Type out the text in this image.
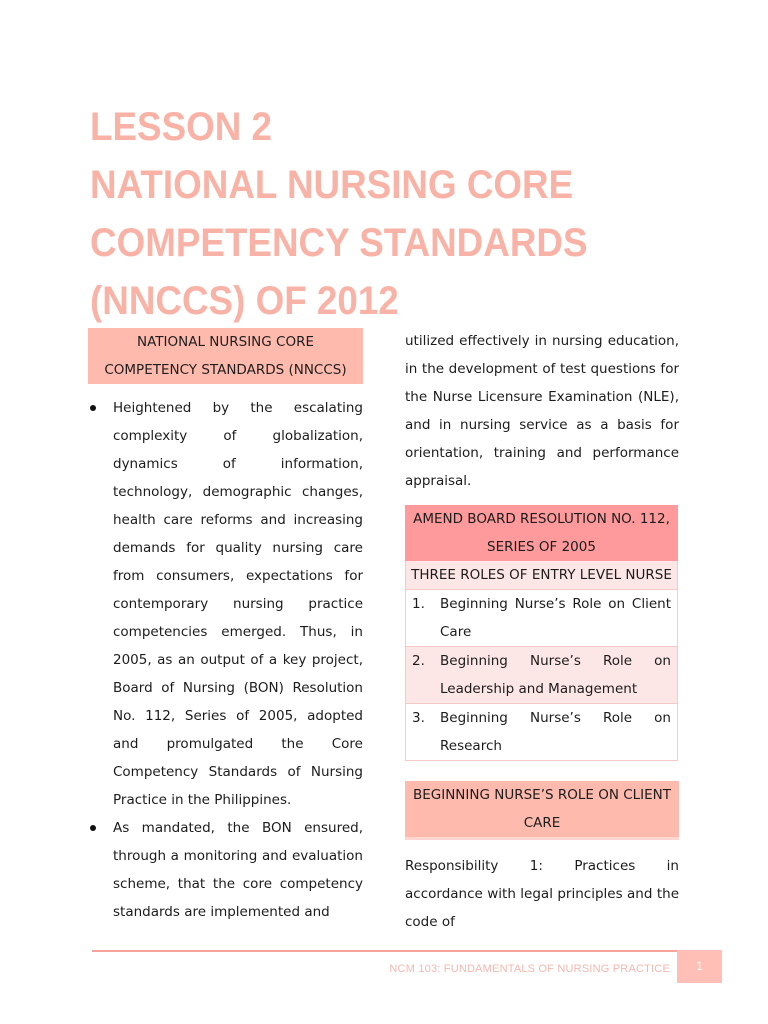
LESSON 2
NATIONAL NURSING CORE
COMPETENCY STANDARDS
(NNCCS) OF 2012
NATIONAL NURSING CORE COMPETENCY STANDARDS (NNCCS)
Heightened by the escalating complexity of globalization, dynamics of information, technology, demographic changes, health care reforms and increasing demands for quality nursing care from consumers, expectations for contemporary nursing practice competencies emerged. Thus, in 2005, as an output of a key project, Board of Nursing (BON) Resolution No. 112, Series of 2005, adopted and promulgated the Core Competency Standards of Nursing Practice in the Philippines.
As mandated, the BON ensured, through a monitoring and evaluation scheme, that the core competency standards are implemented and
utilized effectively in nursing education, in the development of test questions for the Nurse Licensure Examination (NLE), and in nursing service as a basis for orientation, training and performance appraisal.
AMEND BOARD RESOLUTION NO. 112, SERIES OF 2005
THREE ROLES OF ENTRY LEVEL NURSE
1.	Beginning Nurse’s Role on Client Care
2.	Beginning Nurse’s Role on Leadership and Management
3.	Beginning Nurse’s Role on Research
BEGINNING NURSE’S ROLE ON CLIENT CARE
Responsibility 1: Practices in accordance with legal principles and the code of
NCM 103: FUNDAMENTALS OF NURSING PRACTICE	1
